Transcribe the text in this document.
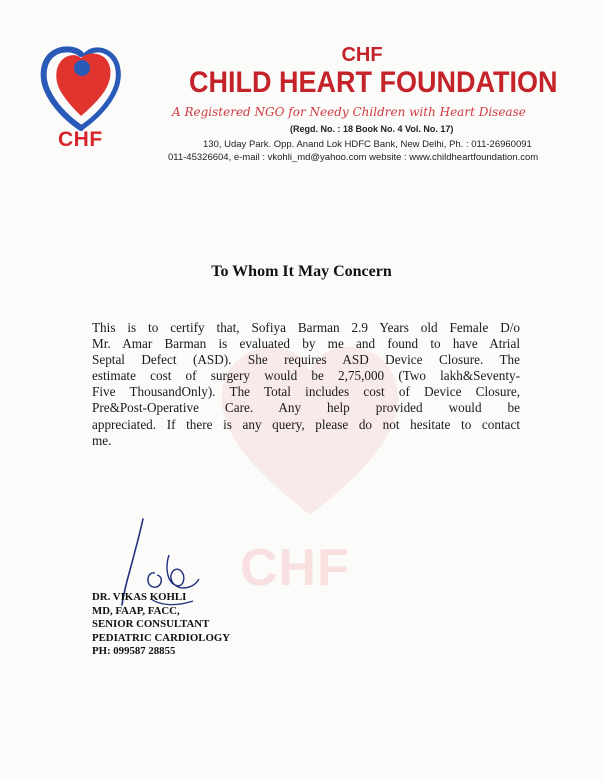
CHF
CHF
CHF
CHILD HEART FOUNDATION
A Registered NGO for Needy Children with Heart Disease
(Regd. No. : 18 Book No. 4 Vol. No. 17)
130, Uday Park. Opp. Anand Lok HDFC Bank, New Delhi, Ph. : 011-26960091
011-45326604, e-mail : vkohli_md@yahoo.com website : www.childheartfoundation.com
To Whom It May Concern

This is to certify that, Sofiya Barman 2.9 Years old Female D/o
Mr. Amar Barman is evaluated by me and found to have Atrial
Septal Defect (ASD). She requires ASD Device Closure. The
estimate cost of surgery would be 2,75,000 (Two lakh&Seventy-
Five ThousandOnly). The Total includes cost of Device Closure,
Pre&Post-Operative Care. Any help provided would be
appreciated. If there is any query, please do not hesitate to contact
me.

DR. VIKAS KOHLI
MD, FAAP, FACC,
SENIOR CONSULTANT
PEDIATRIC CARDIOLOGY
PH: 099587 28855
